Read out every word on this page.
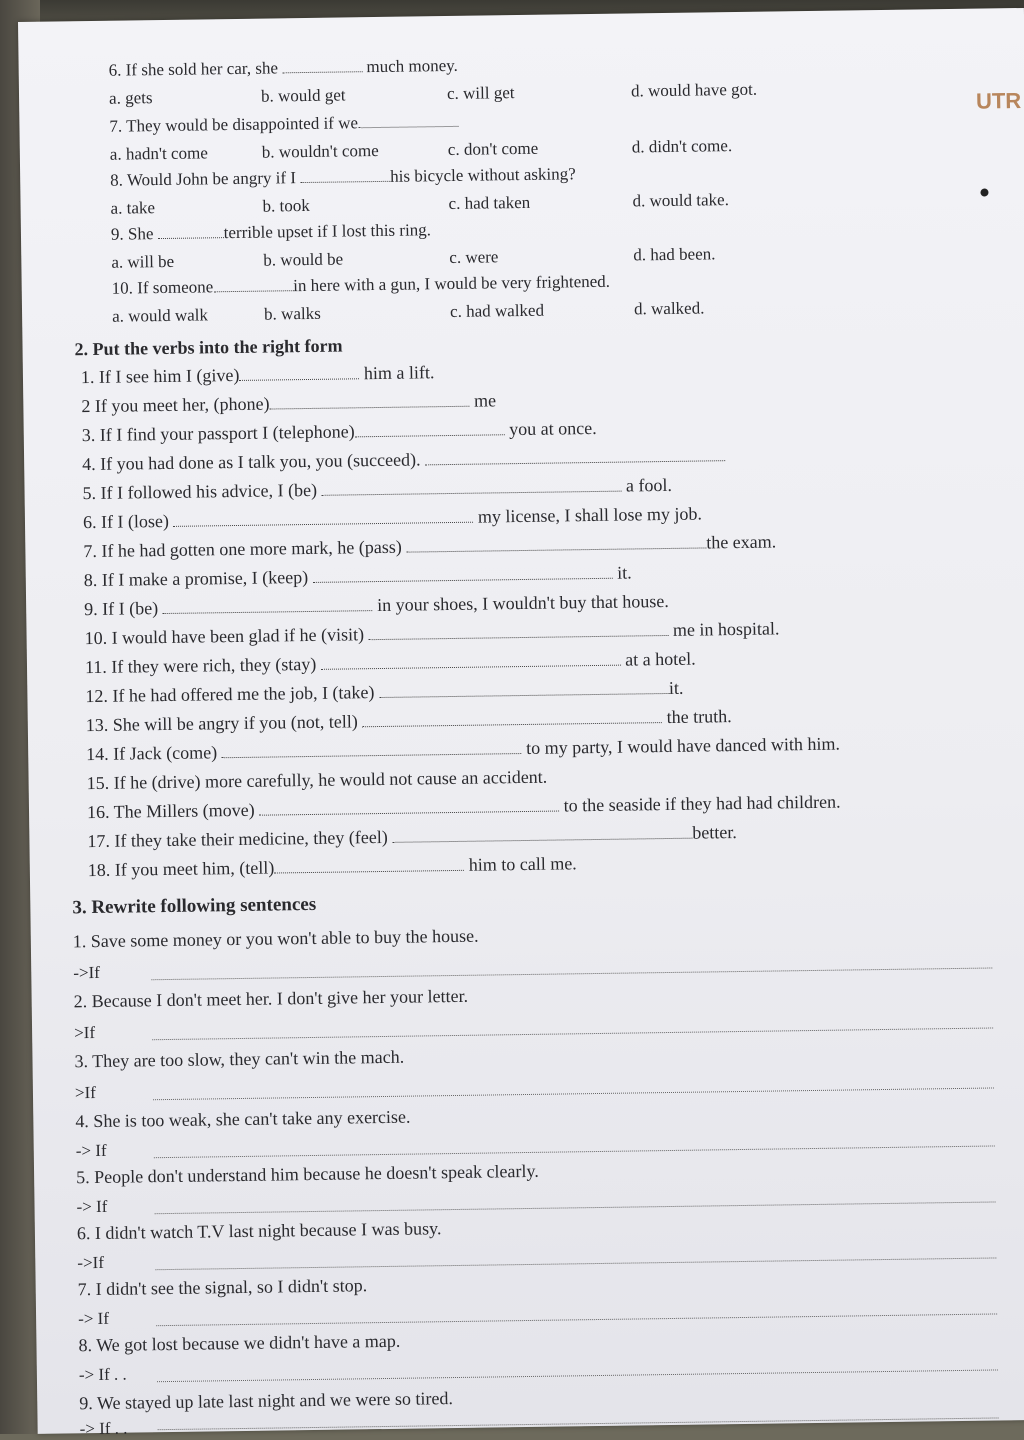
6. If she sold her car, she	much money.
a. gets	b. would get	c. will get	d. would have got.
7. They would be disappointed if we
a. hadn't come	b. wouldn't come	c. don't come	d. didn't come.
8. Would John be angry if I	his bicycle without asking?
a. take	b. took	c. had taken	d. would take.
9. She	terrible upset if I lost this ring.
a. will be	b. would be	c. were	d. had been.
10. If someone	in here with a gun, I would be very frightened.
a. would walk	b. walks	c. had walked	d. walked.
2. Put the verbs into the right form
1. If I see him I (give)	him a lift.
2 If you meet her, (phone)	me
3. If I find your passport I (telephone)	you at once.
4. If you had done as I talk you, you (succeed).
5. If I followed his advice, I (be)	a fool.
6. If I (lose)	my license, I shall lose my job.
7. If he had gotten one more mark, he (pass)	the exam.
8. If I make a promise, I (keep)	it.
9. If I (be)	in your shoes, I wouldn't buy that house.
10. I would have been glad if he (visit)	me in hospital.
11. If they were rich, they (stay)	at a hotel.
12. If he had offered me the job, I (take)	it.
13. She will be angry if you (not, tell)	the truth.
14. If Jack (come)	to my party, I would have danced with him.
15. If he (drive) more carefully, he would not cause an accident.
16. The Millers (move)	to the seaside if they had had children.
17. If they take their medicine, they (feel)	better.
18. If you meet him, (tell)	him to call me.
3. Rewrite following sentences
1. Save some money or you won't able to buy the house.
->If
2. Because I don't meet her. I don't give her your letter.
>If
3. They are too slow, they can't win the mach.
>If
4. She is too weak, she can't take any exercise.
-> If
5. People don't understand him because he doesn't speak clearly.
-> If
6. I didn't watch T.V last night because I was busy.
->If
7. I didn't see the signal, so I didn't stop.
-> If
8. We got lost because we didn't have a map.
-> If . .
9. We stayed up late last night and we were so tired.
-> If . .
UTR
